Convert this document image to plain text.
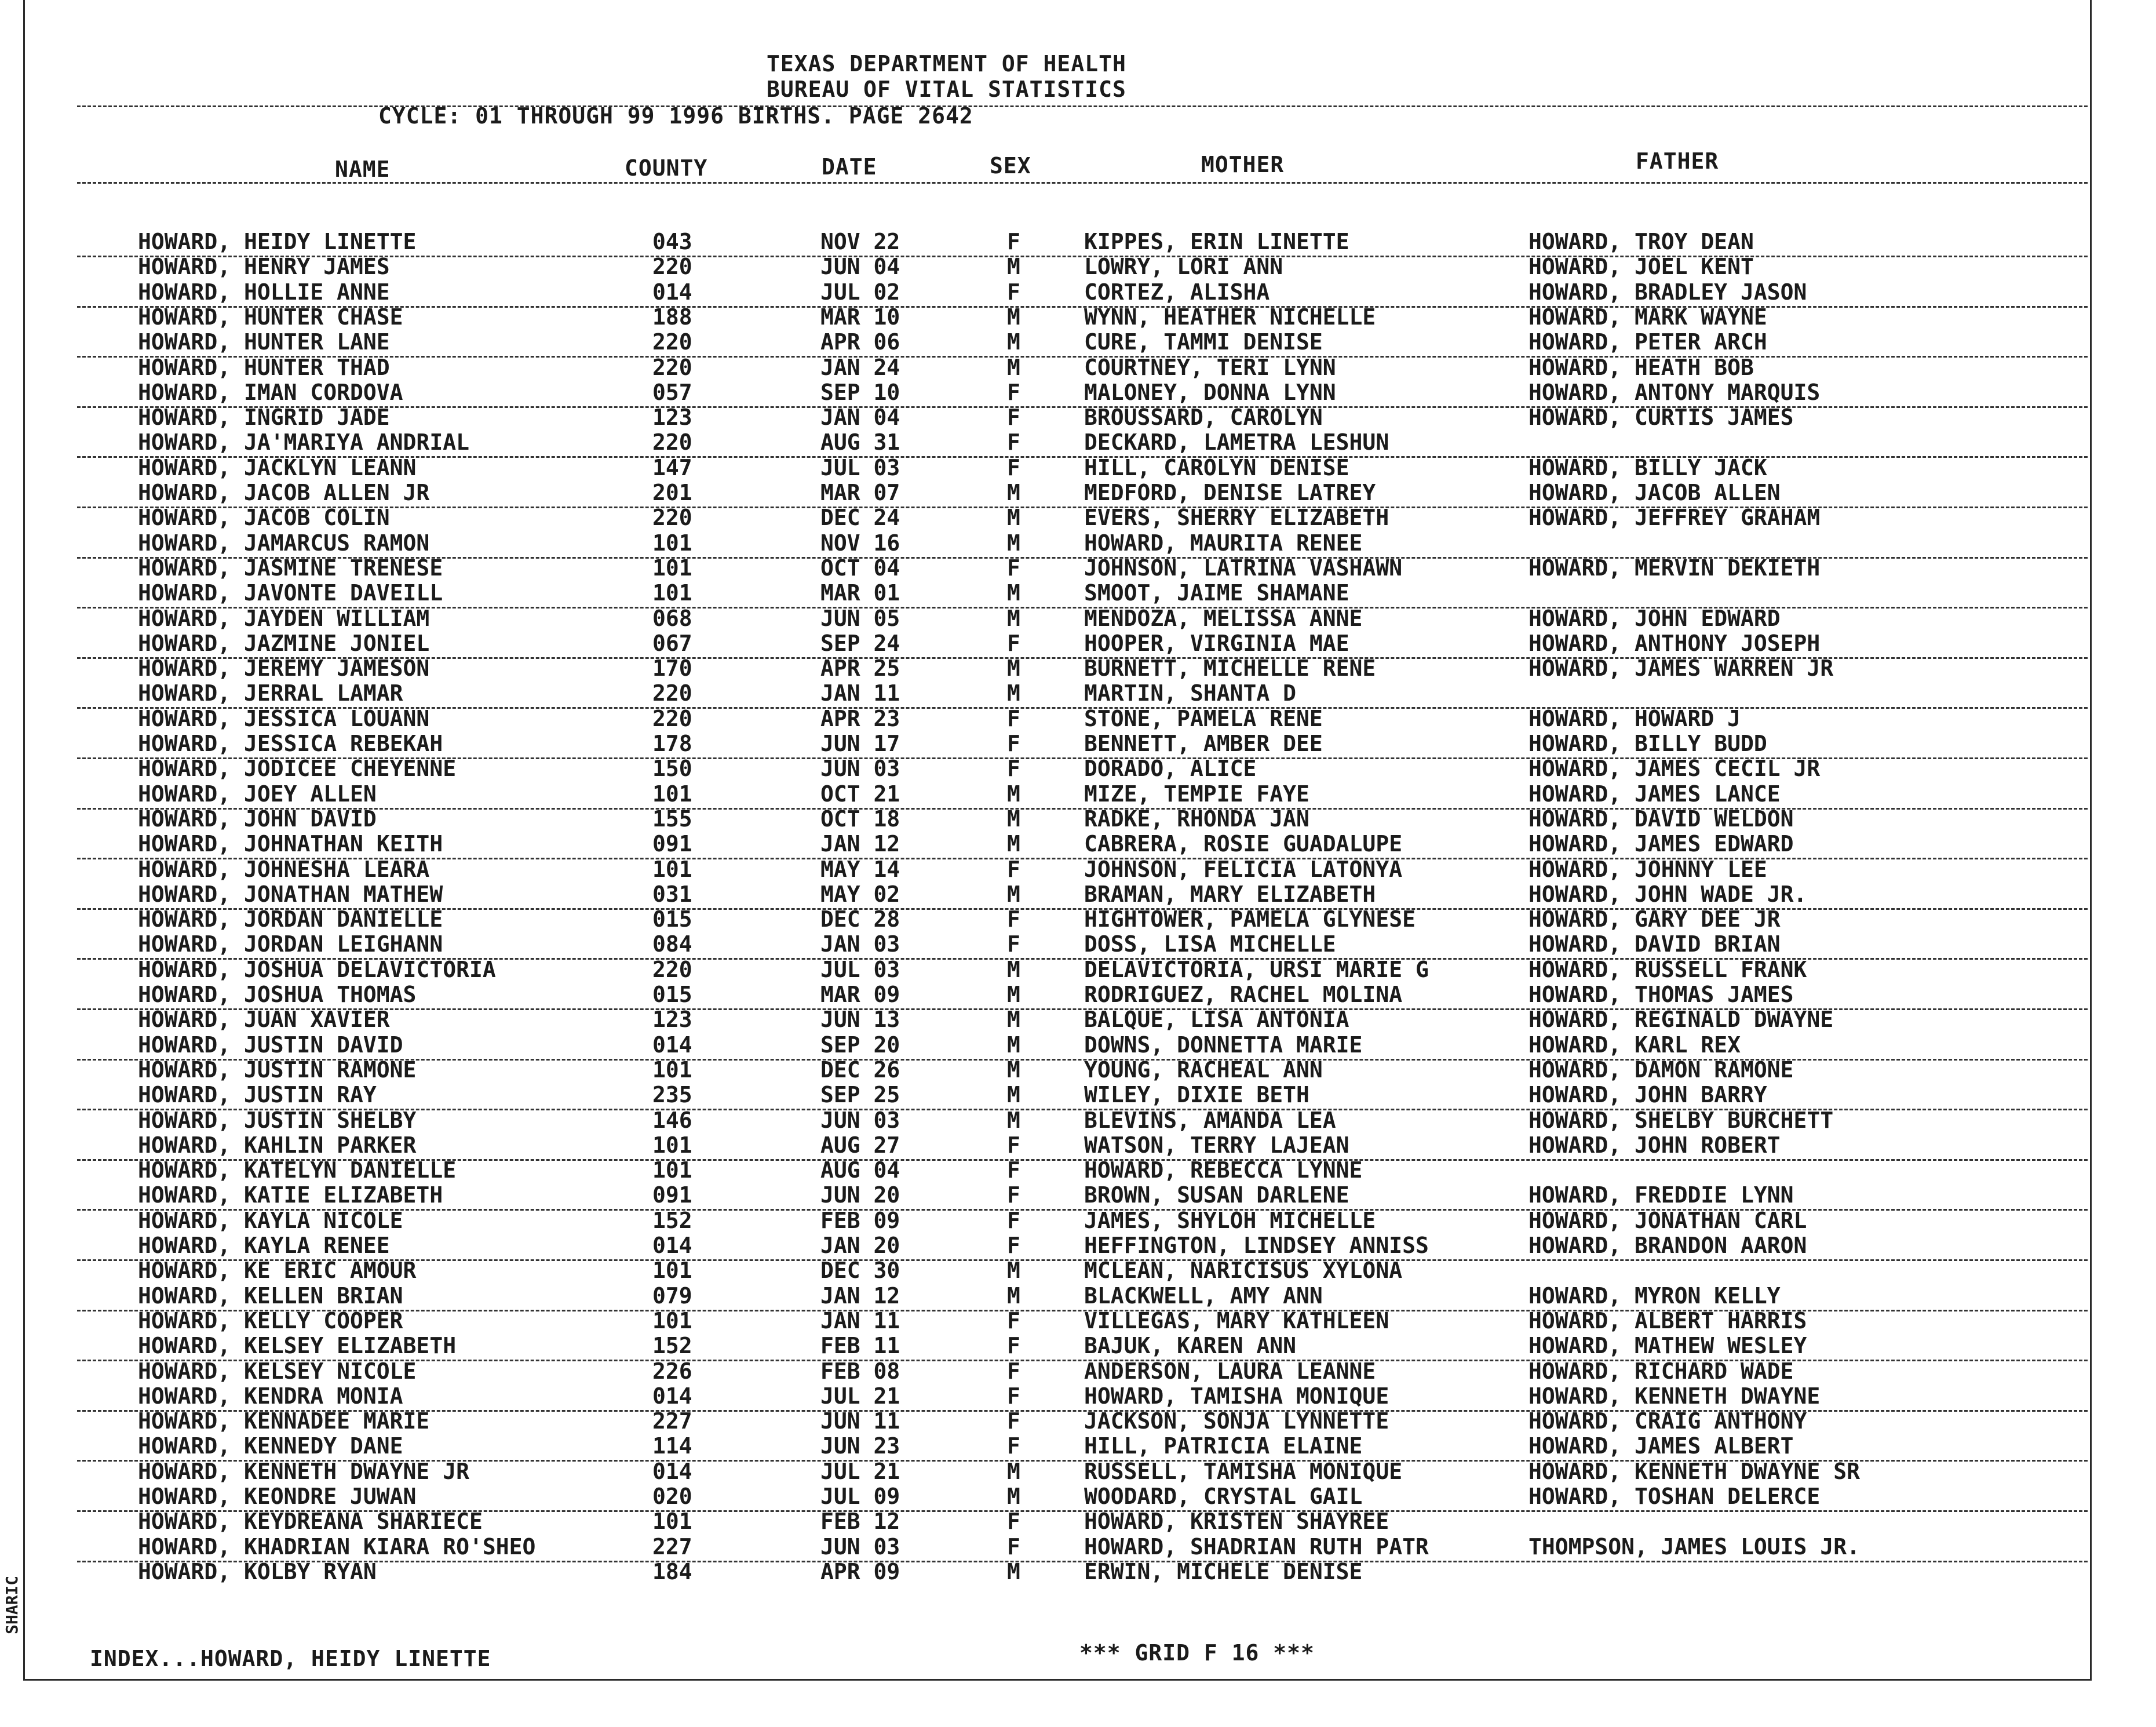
TEXAS DEPARTMENT OF HEALTH
BUREAU OF VITAL STATISTICS
CYCLE: 01 THROUGH 99 1996 BIRTHS. PAGE 2642
NAME	COUNTY	DATE	SEX	MOTHER	FATHER
HOWARD, HEIDY LINETTE	043	NOV 22	F	KIPPES, ERIN LINETTE	HOWARD, TROY DEAN
HOWARD, HENRY JAMES	220	JUN 04	M	LOWRY, LORI ANN	HOWARD, JOEL KENT
HOWARD, HOLLIE ANNE	014	JUL 02	F	CORTEZ, ALISHA	HOWARD, BRADLEY JASON
HOWARD, HUNTER CHASE	188	MAR 10	M	WYNN, HEATHER NICHELLE	HOWARD, MARK WAYNE
HOWARD, HUNTER LANE	220	APR 06	M	CURE, TAMMI DENISE	HOWARD, PETER ARCH
HOWARD, HUNTER THAD	220	JAN 24	M	COURTNEY, TERI LYNN	HOWARD, HEATH BOB
HOWARD, IMAN CORDOVA	057	SEP 10	F	MALONEY, DONNA LYNN	HOWARD, ANTONY MARQUIS
HOWARD, INGRID JADE	123	JAN 04	F	BROUSSARD, CAROLYN	HOWARD, CURTIS JAMES
HOWARD, JA'MARIYA ANDRIAL	220	AUG 31	F	DECKARD, LAMETRA LESHUN
HOWARD, JACKLYN LEANN	147	JUL 03	F	HILL, CAROLYN DENISE	HOWARD, BILLY JACK
HOWARD, JACOB ALLEN JR	201	MAR 07	M	MEDFORD, DENISE LATREY	HOWARD, JACOB ALLEN
HOWARD, JACOB COLIN	220	DEC 24	M	EVERS, SHERRY ELIZABETH	HOWARD, JEFFREY GRAHAM
HOWARD, JAMARCUS RAMON	101	NOV 16	M	HOWARD, MAURITA RENEE
HOWARD, JASMINE TRENESE	101	OCT 04	F	JOHNSON, LATRINA VASHAWN	HOWARD, MERVIN DEKIETH
HOWARD, JAVONTE DAVEILL	101	MAR 01	M	SMOOT, JAIME SHAMANE
HOWARD, JAYDEN WILLIAM	068	JUN 05	M	MENDOZA, MELISSA ANNE	HOWARD, JOHN EDWARD
HOWARD, JAZMINE JONIEL	067	SEP 24	F	HOOPER, VIRGINIA MAE	HOWARD, ANTHONY JOSEPH
HOWARD, JEREMY JAMESON	170	APR 25	M	BURNETT, MICHELLE RENE	HOWARD, JAMES WARREN JR
HOWARD, JERRAL LAMAR	220	JAN 11	M	MARTIN, SHANTA D
HOWARD, JESSICA LOUANN	220	APR 23	F	STONE, PAMELA RENE	HOWARD, HOWARD J
HOWARD, JESSICA REBEKAH	178	JUN 17	F	BENNETT, AMBER DEE	HOWARD, BILLY BUDD
HOWARD, JODICEE CHEYENNE	150	JUN 03	F	DORADO, ALICE	HOWARD, JAMES CECIL JR
HOWARD, JOEY ALLEN	101	OCT 21	M	MIZE, TEMPIE FAYE	HOWARD, JAMES LANCE
HOWARD, JOHN DAVID	155	OCT 18	M	RADKE, RHONDA JAN	HOWARD, DAVID WELDON
HOWARD, JOHNATHAN KEITH	091	JAN 12	M	CABRERA, ROSIE GUADALUPE	HOWARD, JAMES EDWARD
HOWARD, JOHNESHA LEARA	101	MAY 14	F	JOHNSON, FELICIA LATONYA	HOWARD, JOHNNY LEE
HOWARD, JONATHAN MATHEW	031	MAY 02	M	BRAMAN, MARY ELIZABETH	HOWARD, JOHN WADE JR.
HOWARD, JORDAN DANIELLE	015	DEC 28	F	HIGHTOWER, PAMELA GLYNESE	HOWARD, GARY DEE JR
HOWARD, JORDAN LEIGHANN	084	JAN 03	F	DOSS, LISA MICHELLE	HOWARD, DAVID BRIAN
HOWARD, JOSHUA DELAVICTORIA	220	JUL 03	M	DELAVICTORIA, URSI MARIE G	HOWARD, RUSSELL FRANK
HOWARD, JOSHUA THOMAS	015	MAR 09	M	RODRIGUEZ, RACHEL MOLINA	HOWARD, THOMAS JAMES
HOWARD, JUAN XAVIER	123	JUN 13	M	BALQUE, LISA ANTONIA	HOWARD, REGINALD DWAYNE
HOWARD, JUSTIN DAVID	014	SEP 20	M	DOWNS, DONNETTA MARIE	HOWARD, KARL REX
HOWARD, JUSTIN RAMONE	101	DEC 26	M	YOUNG, RACHEAL ANN	HOWARD, DAMON RAMONE
HOWARD, JUSTIN RAY	235	SEP 25	M	WILEY, DIXIE BETH	HOWARD, JOHN BARRY
HOWARD, JUSTIN SHELBY	146	JUN 03	M	BLEVINS, AMANDA LEA	HOWARD, SHELBY BURCHETT
HOWARD, KAHLIN PARKER	101	AUG 27	F	WATSON, TERRY LAJEAN	HOWARD, JOHN ROBERT
HOWARD, KATELYN DANIELLE	101	AUG 04	F	HOWARD, REBECCA LYNNE
HOWARD, KATIE ELIZABETH	091	JUN 20	F	BROWN, SUSAN DARLENE	HOWARD, FREDDIE LYNN
HOWARD, KAYLA NICOLE	152	FEB 09	F	JAMES, SHYLOH MICHELLE	HOWARD, JONATHAN CARL
HOWARD, KAYLA RENEE	014	JAN 20	F	HEFFINGTON, LINDSEY ANNISS	HOWARD, BRANDON AARON
HOWARD, KE ERIC AMOUR	101	DEC 30	M	MCLEAN, NARICISUS XYLONA
HOWARD, KELLEN BRIAN	079	JAN 12	M	BLACKWELL, AMY ANN	HOWARD, MYRON KELLY
HOWARD, KELLY COOPER	101	JAN 11	F	VILLEGAS, MARY KATHLEEN	HOWARD, ALBERT HARRIS
HOWARD, KELSEY ELIZABETH	152	FEB 11	F	BAJUK, KAREN ANN	HOWARD, MATHEW WESLEY
HOWARD, KELSEY NICOLE	226	FEB 08	F	ANDERSON, LAURA LEANNE	HOWARD, RICHARD WADE
HOWARD, KENDRA MONIA	014	JUL 21	F	HOWARD, TAMISHA MONIQUE	HOWARD, KENNETH DWAYNE
HOWARD, KENNADEE MARIE	227	JUN 11	F	JACKSON, SONJA LYNNETTE	HOWARD, CRAIG ANTHONY
HOWARD, KENNEDY DANE	114	JUN 23	F	HILL, PATRICIA ELAINE	HOWARD, JAMES ALBERT
HOWARD, KENNETH DWAYNE JR	014	JUL 21	M	RUSSELL, TAMISHA MONIQUE	HOWARD, KENNETH DWAYNE SR
HOWARD, KEONDRE JUWAN	020	JUL 09	M	WOODARD, CRYSTAL GAIL	HOWARD, TOSHAN DELERCE
HOWARD, KEYDREANA SHARIECE	101	FEB 12	F	HOWARD, KRISTEN SHAYREE
HOWARD, KHADRIAN KIARA RO'SHEO	227	JUN 03	F	HOWARD, SHADRIAN RUTH PATR	THOMPSON, JAMES LOUIS JR.
HOWARD, KOLBY RYAN	184	APR 09	M	ERWIN, MICHELE DENISE
INDEX...HOWARD, HEIDY LINETTE	*** GRID F 16 ***
SHARIC
